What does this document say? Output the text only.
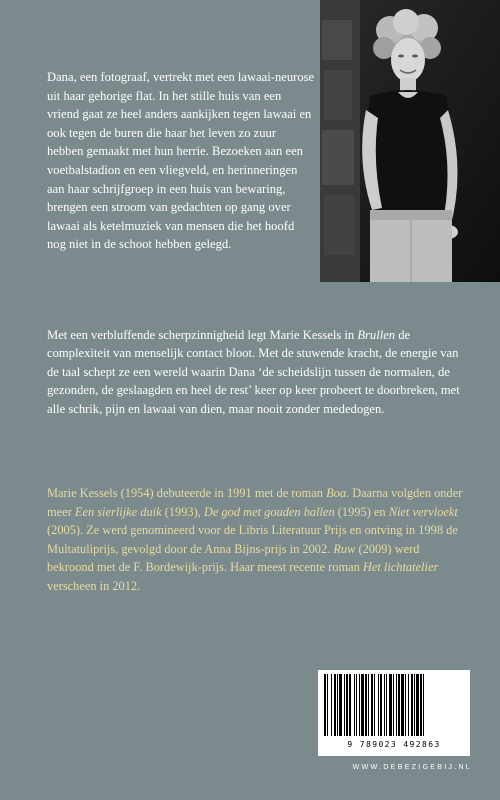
Dana, een fotograaf, vertrekt met een lawaai-neurose uit haar gehorige flat. In het stille huis van een vriend gaat ze heel anders aankijken tegen lawaai en ook tegen de buren die haar het leven zo zuur hebben gemaakt met hun herrie. Bezoeken aan een voetbalstadion en een vliegveld, en herinneringen aan haar schrijfgroep in een huis van bewaring, brengen een stroom van gedachten op gang over lawaai als ketelmuziek van mensen die het hoofd nog niet in de schoot hebben gelegd.

Met een verbluffende scherpzinnigheid legt Marie Kessels in Brullen de complexiteit van menselijk contact bloot. Met de stuwende kracht, de energie van de taal schept ze een wereld waarin Dana ‘de scheidslijn tussen de normalen, de gezonden, de geslaagden en heel de rest’ keer op keer probeert te doorbreken, met alle schrik, pijn en lawaai van dien, maar nooit zonder mededogen.

Marie Kessels (1954) debuteerde in 1991 met de roman Boa. Daarna volgden onder meer Een sierlijke duik (1993), De god met gouden ballen (1995) en Niet vervloekt (2005). Ze werd genomineerd voor de Libris Literatuur Prijs en ontving in 1998 de Multatuliprijs, gevolgd door de Anna Bijns-prijs in 2002. Ruw (2009) werd bekroond met de F. Bordewijk-prijs. Haar meest recente roman Het lichtatelier verscheen in 2012.

9 789023 492863
WWW.DEBEZIGEBIJ.NL
